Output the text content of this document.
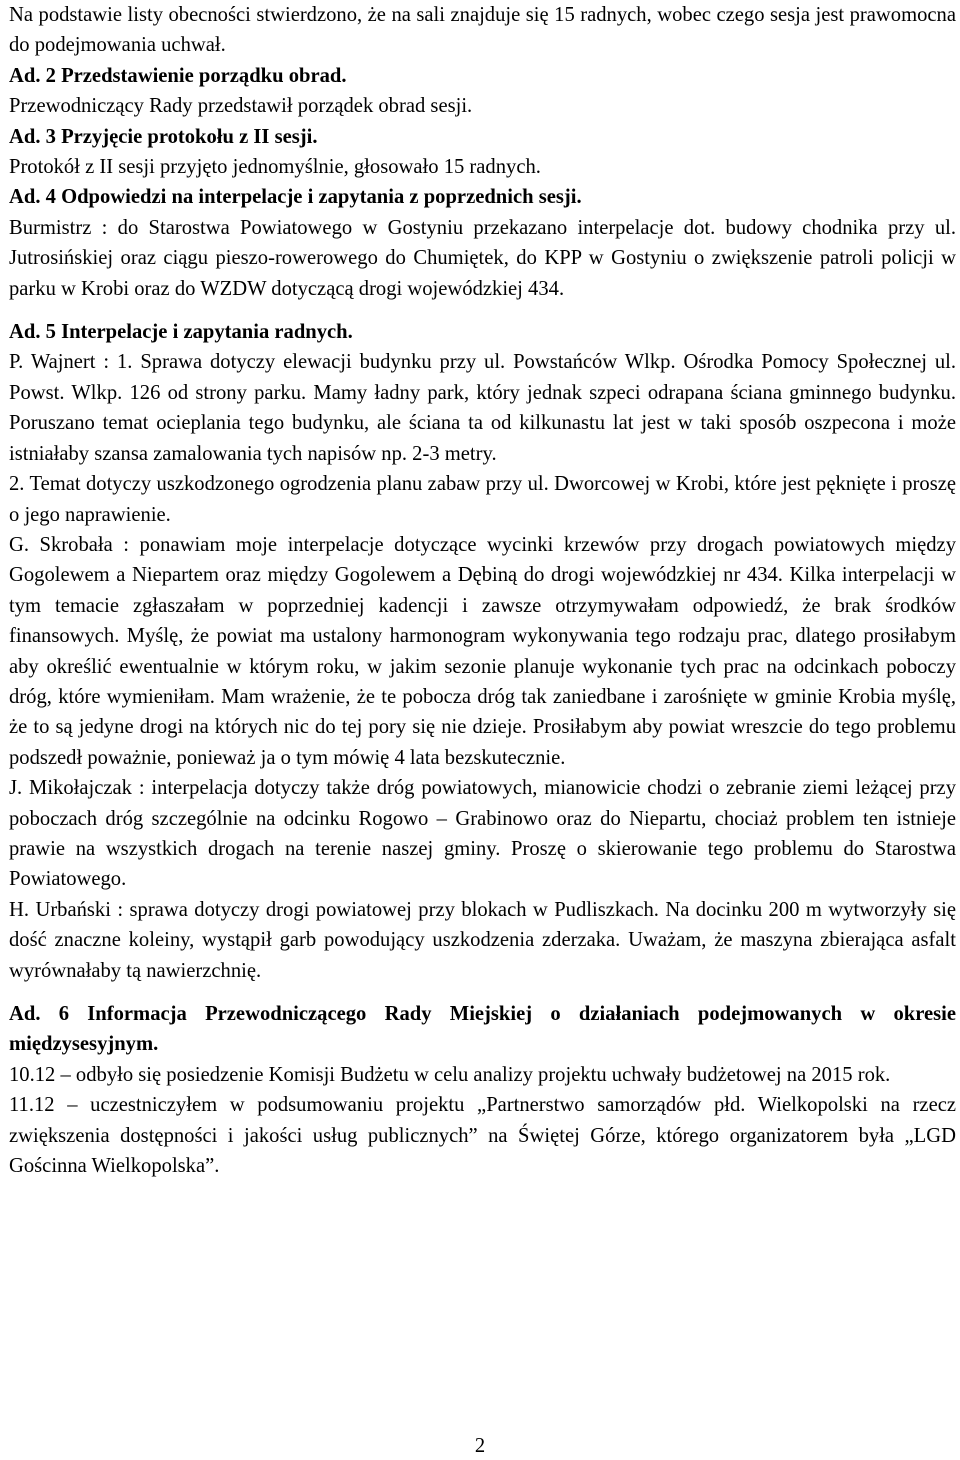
Na podstawie listy obecności stwierdzono, że na sali znajduje się 15 radnych, wobec czego sesja jest prawomocna do podejmowania uchwał.

Ad. 2 Przedstawienie porządku obrad.

Przewodniczący Rady przedstawił porządek obrad sesji.

Ad. 3 Przyjęcie protokołu z II sesji.

Protokół z II sesji przyjęto jednomyślnie, głosowało 15 radnych.

Ad. 4 Odpowiedzi na interpelacje i zapytania z poprzednich sesji.

Burmistrz : do Starostwa Powiatowego w Gostyniu przekazano interpelacje dot. budowy chodnika przy ul. Jutrosińskiej oraz ciągu pieszo-rowerowego do Chumiętek, do KPP w Gostyniu o zwiększenie patroli policji w parku w Krobi oraz do WZDW dotyczącą drogi wojewódzkiej 434.

Ad. 5 Interpelacje i zapytania radnych.

P. Wajnert : 1. Sprawa dotyczy elewacji budynku przy ul. Powstańców Wlkp. Ośrodka Pomocy Społecznej ul. Powst. Wlkp. 126 od strony parku. Mamy ładny park, który jednak szpeci odrapana ściana gminnego budynku. Poruszano temat ocieplania tego budynku, ale ściana ta od kilkunastu lat jest w taki sposób oszpecona i może istniałaby szansa zamalowania tych napisów np. 2-3 metry.

2. Temat dotyczy uszkodzonego ogrodzenia planu zabaw przy ul. Dworcowej w Krobi, które jest pęknięte i proszę o jego naprawienie.

G. Skrobała : ponawiam moje interpelacje dotyczące wycinki krzewów przy drogach powiatowych między Gogolewem a Niepartem oraz między Gogolewem a Dębiną do drogi wojewódzkiej nr 434. Kilka interpelacji w tym temacie zgłaszałam w poprzedniej kadencji i zawsze otrzymywałam odpowiedź, że brak środków finansowych. Myślę, że powiat ma ustalony harmonogram wykonywania tego rodzaju prac, dlatego prosiłabym aby określić ewentualnie w którym roku, w jakim sezonie planuje wykonanie tych prac na odcinkach poboczy dróg, które wymieniłam. Mam wrażenie, że te pobocza dróg tak zaniedbane i zarośnięte w gminie Krobia myślę, że to są jedyne drogi na których nic do tej pory się nie dzieje. Prosiłabym aby powiat wreszcie do tego problemu podszedł poważnie, ponieważ ja o tym mówię 4 lata bezskutecznie.

J. Mikołajczak : interpelacja dotyczy także dróg powiatowych, mianowicie chodzi o zebranie ziemi leżącej przy poboczach dróg szczególnie na odcinku Rogowo – Grabinowo oraz do Niepartu, chociaż problem ten istnieje prawie na wszystkich drogach na terenie naszej gminy. Proszę o skierowanie tego problemu do Starostwa Powiatowego.

H. Urbański : sprawa dotyczy drogi powiatowej przy blokach w Pudliszkach. Na docinku 200 m wytworzyły się dość znaczne koleiny, wystąpił garb powodujący uszkodzenia zderzaka. Uważam, że maszyna zbierająca asfalt wyrównałaby tą nawierzchnię.

Ad. 6 Informacja Przewodniczącego Rady Miejskiej o działaniach podejmowanych w okresie międzysesyjnym.

10.12 – odbyło się posiedzenie Komisji Budżetu w celu analizy projektu uchwały budżetowej na 2015 rok.

11.12 – uczestniczyłem w podsumowaniu projektu „Partnerstwo samorządów płd. Wielkopolski na rzecz zwiększenia dostępności i jakości usług publicznych” na Świętej Górze, którego organizatorem była „LGD Gościnna Wielkopolska”.

2
